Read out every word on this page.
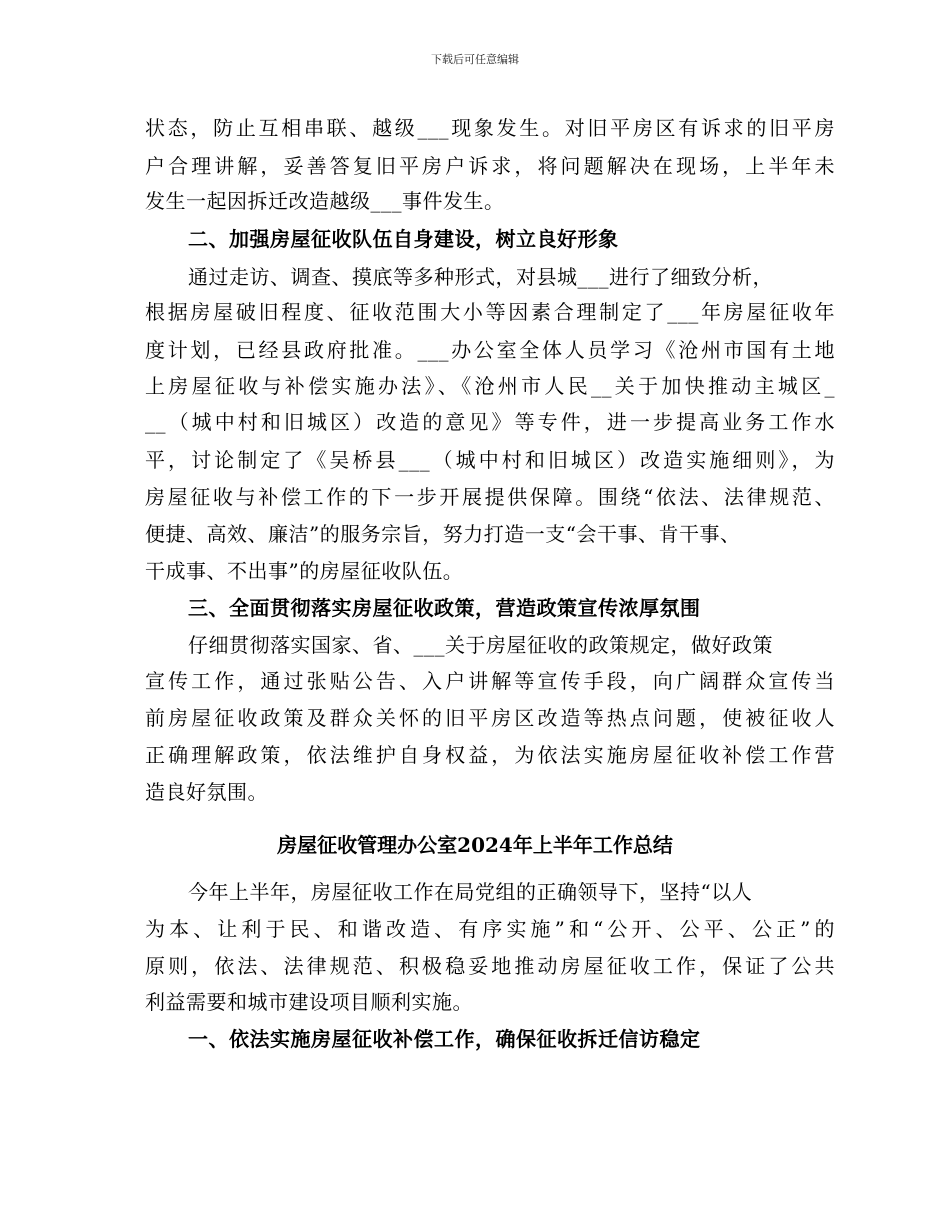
下载后可任意编辑
状态，防止互相串联、越级___现象发生。对旧平房区有诉求的旧平房
户合理讲解，妥善答复旧平房户诉求，将问题解决在现场，上半年未
发生一起因拆迁改造越级___事件发生。
二、加强房屋征收队伍自身建设，树立良好形象
通过走访、调查、摸底等多种形式，对县城___进行了细致分析，
根据房屋破旧程度、征收范围大小等因素合理制定了___年房屋征收年
度计划，已经县政府批准。___办公室全体人员学习《沧州市国有土地
上房屋征收与补偿实施办法》、《沧州市人民__关于加快推动主城区_
__（城中村和旧城区）改造的意见》等专件，进一步提高业务工作水
平，讨论制定了《吴桥县___（城中村和旧城区）改造实施细则》，为
房屋征收与补偿工作的下一步开展提供保障。围绕“依法、法律规范、
便捷、高效、廉洁”的服务宗旨，努力打造一支“会干事、肯干事、
干成事、不出事”的房屋征收队伍。
三、全面贯彻落实房屋征收政策，营造政策宣传浓厚氛围
仔细贯彻落实国家、省、___关于房屋征收的政策规定，做好政策
宣传工作，通过张贴公告、入户讲解等宣传手段，向广阔群众宣传当
前房屋征收政策及群众关怀的旧平房区改造等热点问题，使被征收人
正确理解政策，依法维护自身权益，为依法实施房屋征收补偿工作营
造良好氛围。
房屋征收管理办公室2024年上半年工作总结
今年上半年，房屋征收工作在局党组的正确领导下，坚持“以人
为本、让利于民、和谐改造、有序实施”和“公开、公平、公正”的
原则，依法、法律规范、积极稳妥地推动房屋征收工作，保证了公共
利益需要和城市建设项目顺利实施。
一、依法实施房屋征收补偿工作，确保征收拆迁信访稳定
